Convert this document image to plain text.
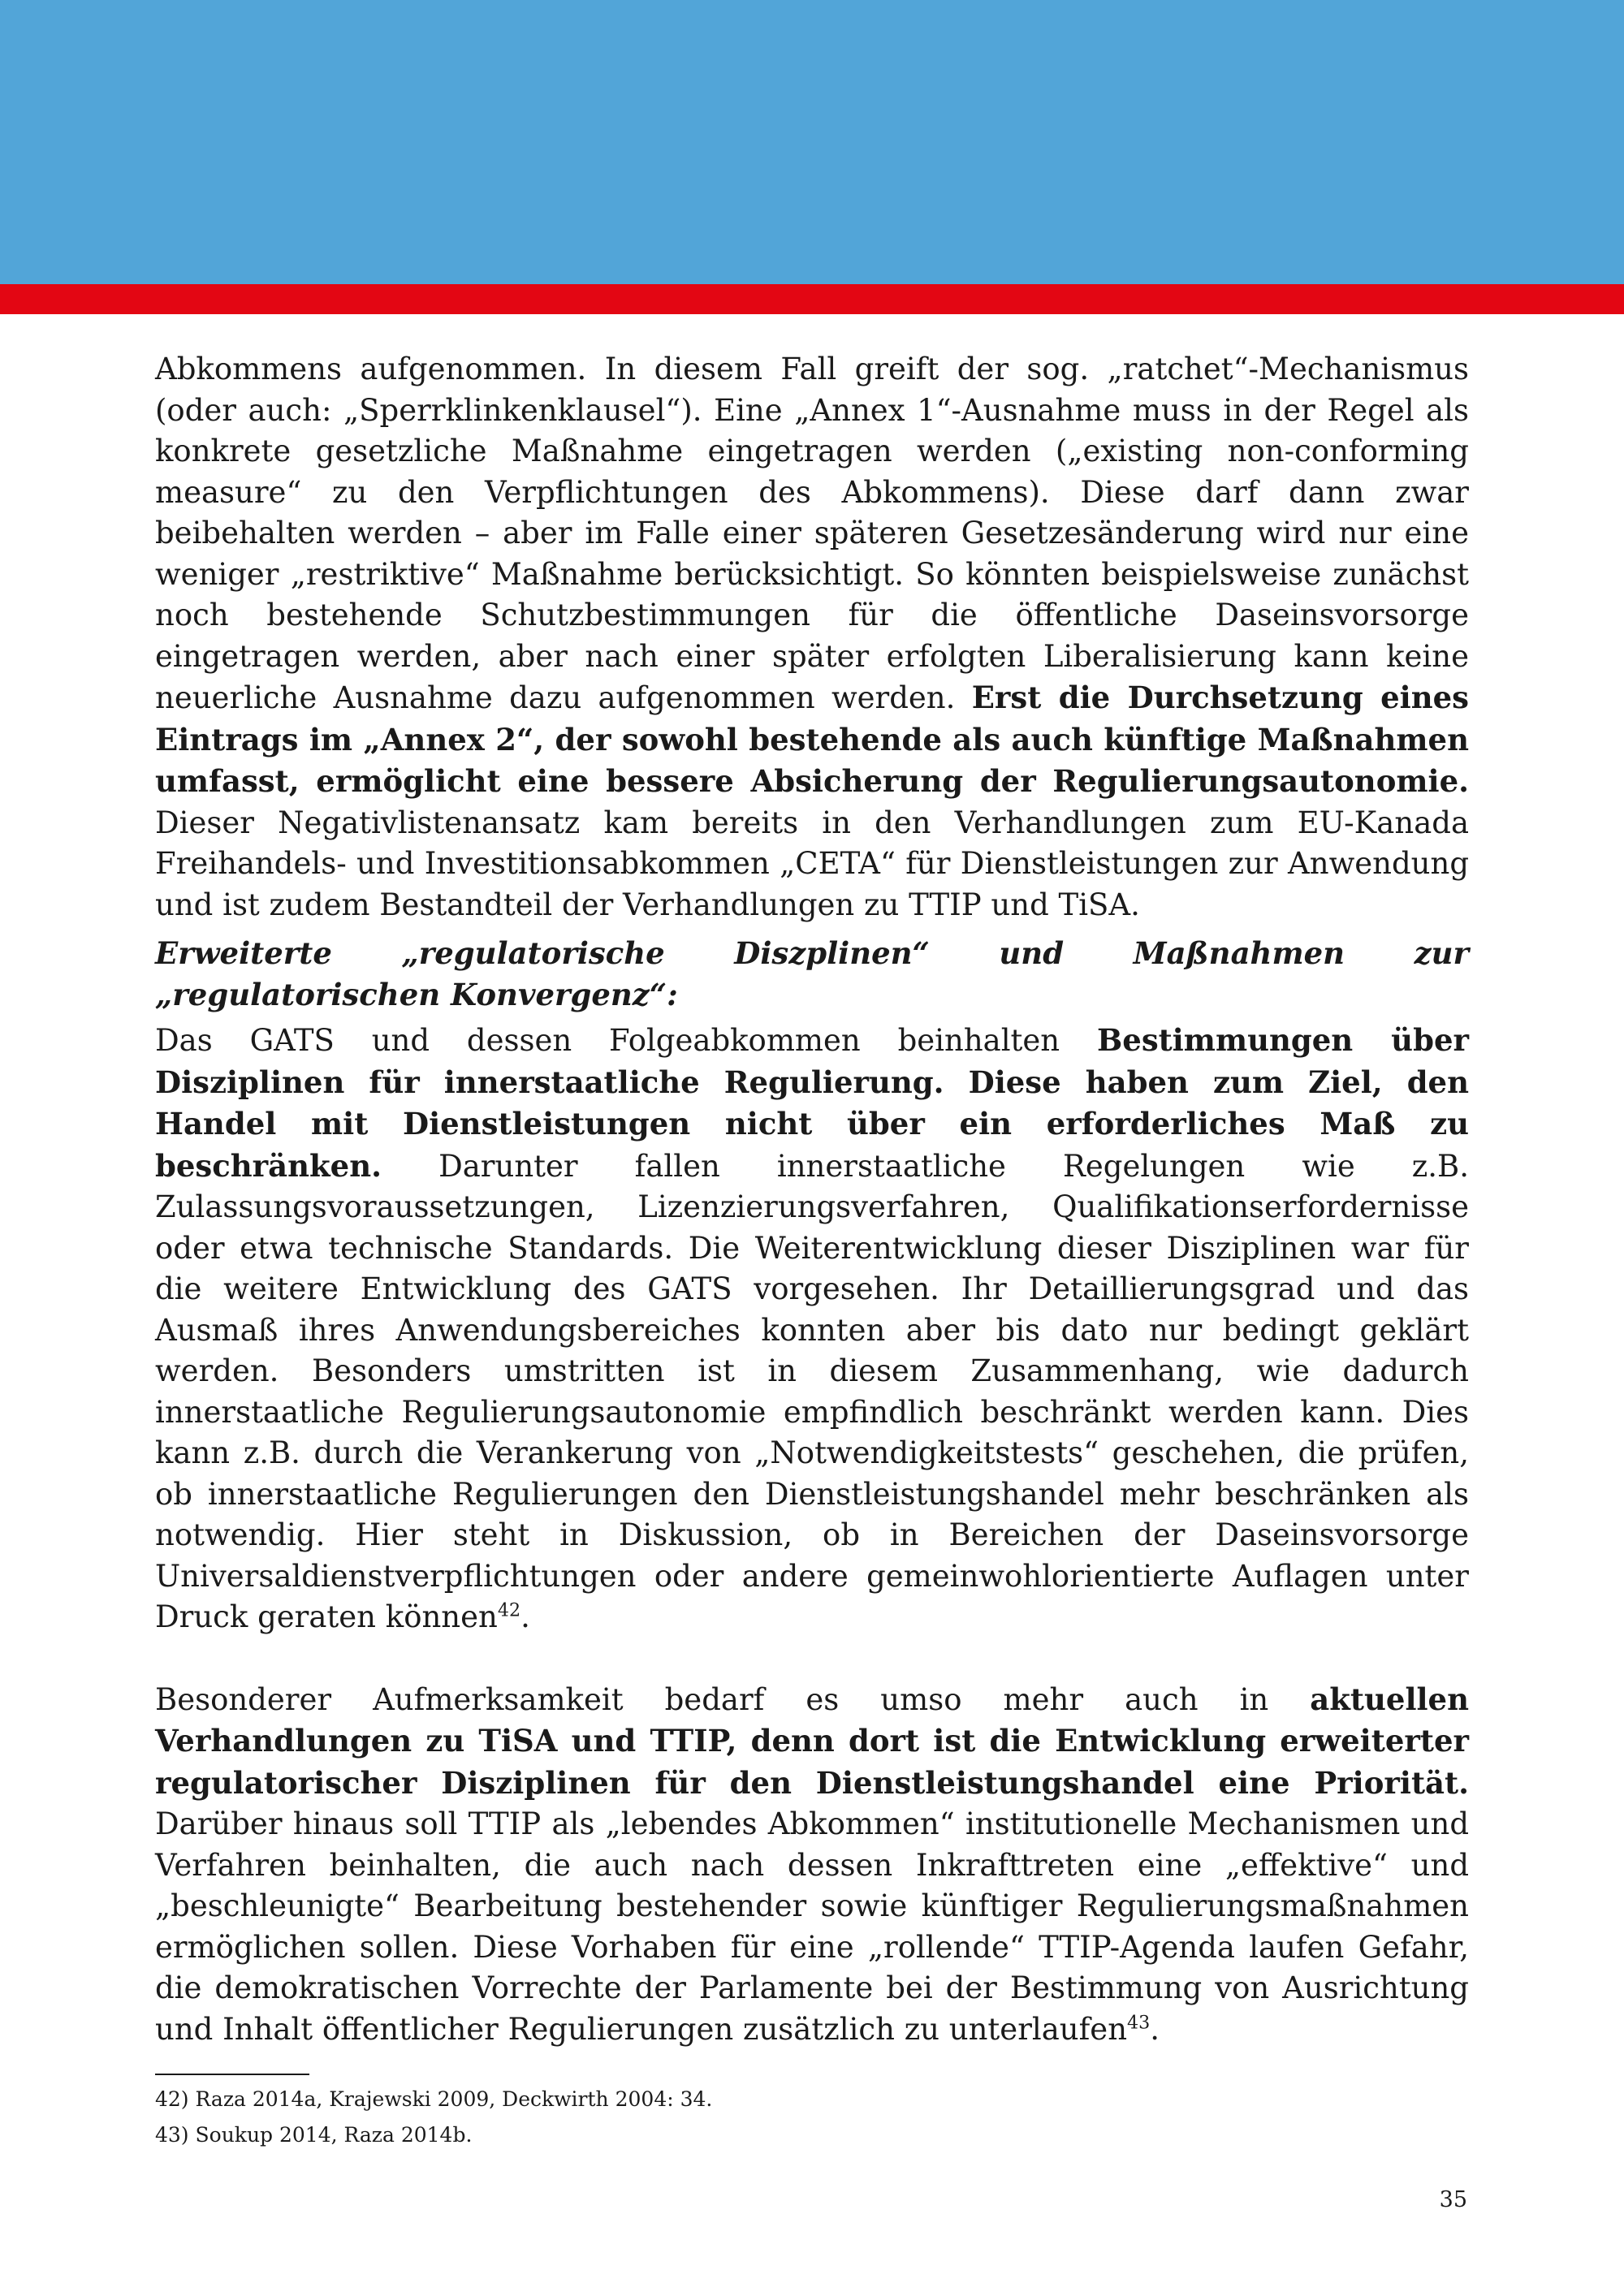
Abkommens aufgenommen. In diesem Fall greift der sog. „ratchet“-Mechanismus (oder auch: „Sperrklinkenklausel“). Eine „Annex 1“-Ausnahme muss in der Regel als konkrete gesetzliche Maßnahme eingetragen werden („existing non-conforming measure“ zu den Verpflichtungen des Abkommens). Diese darf dann zwar beibehalten werden – aber im Falle einer späteren Gesetzesänderung wird nur eine weniger „restriktive“ Maßnahme berücksichtigt. So könnten beispielsweise zunächst noch bestehende Schutzbestimmungen für die öffentliche Daseinsvorsorge eingetragen werden, aber nach einer später erfolgten Liberalisierung kann keine neuerliche Ausnahme dazu aufgenommen werden. Erst die Durchsetzung eines Eintrags im „Annex 2“, der sowohl bestehende als auch künftige Maßnahmen umfasst, ermöglicht eine bessere Absicherung der Regulierungsautonomie. Dieser Negativlistenansatz kam bereits in den Verhandlungen zum EU-Kanada Freihandels- und Investitionsabkommen „CETA“ für Dienstleistungen zur Anwendung und ist zudem Bestandteil der Verhandlungen zu TTIP und TiSA.

Erweiterte „regulatorische Diszplinen“ und Maßnahmen zur „regulatorischen Konvergenz“:

Das GATS und dessen Folgeabkommen beinhalten Bestimmungen über Disziplinen für innerstaatliche Regulierung. Diese haben zum Ziel, den Handel mit Dienstleistungen nicht über ein erforderliches Maß zu beschränken. Darunter fallen innerstaatliche Regelungen wie z.B. Zulassungsvoraussetzungen, Lizenzierungsverfahren, Qualifikationserfordernisse oder etwa technische Standards. Die Weiterentwicklung dieser Disziplinen war für die weitere Entwicklung des GATS vorgesehen. Ihr Detaillierungsgrad und das Ausmaß ihres Anwendungsbereiches konnten aber bis dato nur bedingt geklärt werden. Besonders umstritten ist in diesem Zusammenhang, wie dadurch innerstaatliche Regulierungsautonomie empfindlich beschränkt werden kann. Dies kann z.B. durch die Verankerung von „Notwendigkeitstests“ geschehen, die prüfen, ob innerstaatliche Regulierungen den Dienstleistungshandel mehr beschränken als notwendig. Hier steht in Diskussion, ob in Bereichen der Daseinsvorsorge Universaldienstverpflichtungen oder andere gemeinwohlorientierte Auflagen unter Druck geraten können$^{42}$.

Besonderer Aufmerksamkeit bedarf es umso mehr auch in aktuellen Verhandlungen zu TiSA und TTIP, denn dort ist die Entwicklung erweiterter regulatorischer Disziplinen für den Dienstleistungshandel eine Priorität. Darüber hinaus soll TTIP als „lebendes Abkommen“ institutionelle Mechanismen und Verfahren beinhalten, die auch nach dessen Inkrafttreten eine „effektive“ und „beschleunigte“ Bearbeitung bestehender sowie künftiger Regulierungsmaßnahmen ermöglichen sollen. Diese Vorhaben für eine „rollende“ TTIP-Agenda laufen Gefahr, die demokratischen Vorrechte der Parlamente bei der Bestimmung von Ausrichtung und Inhalt öffentlicher Regulierungen zusätzlich zu unterlaufen$^{43}$.

42) Raza 2014a, Krajewski 2009, Deckwirth 2004: 34.
43) Soukup 2014, Raza 2014b.
35
